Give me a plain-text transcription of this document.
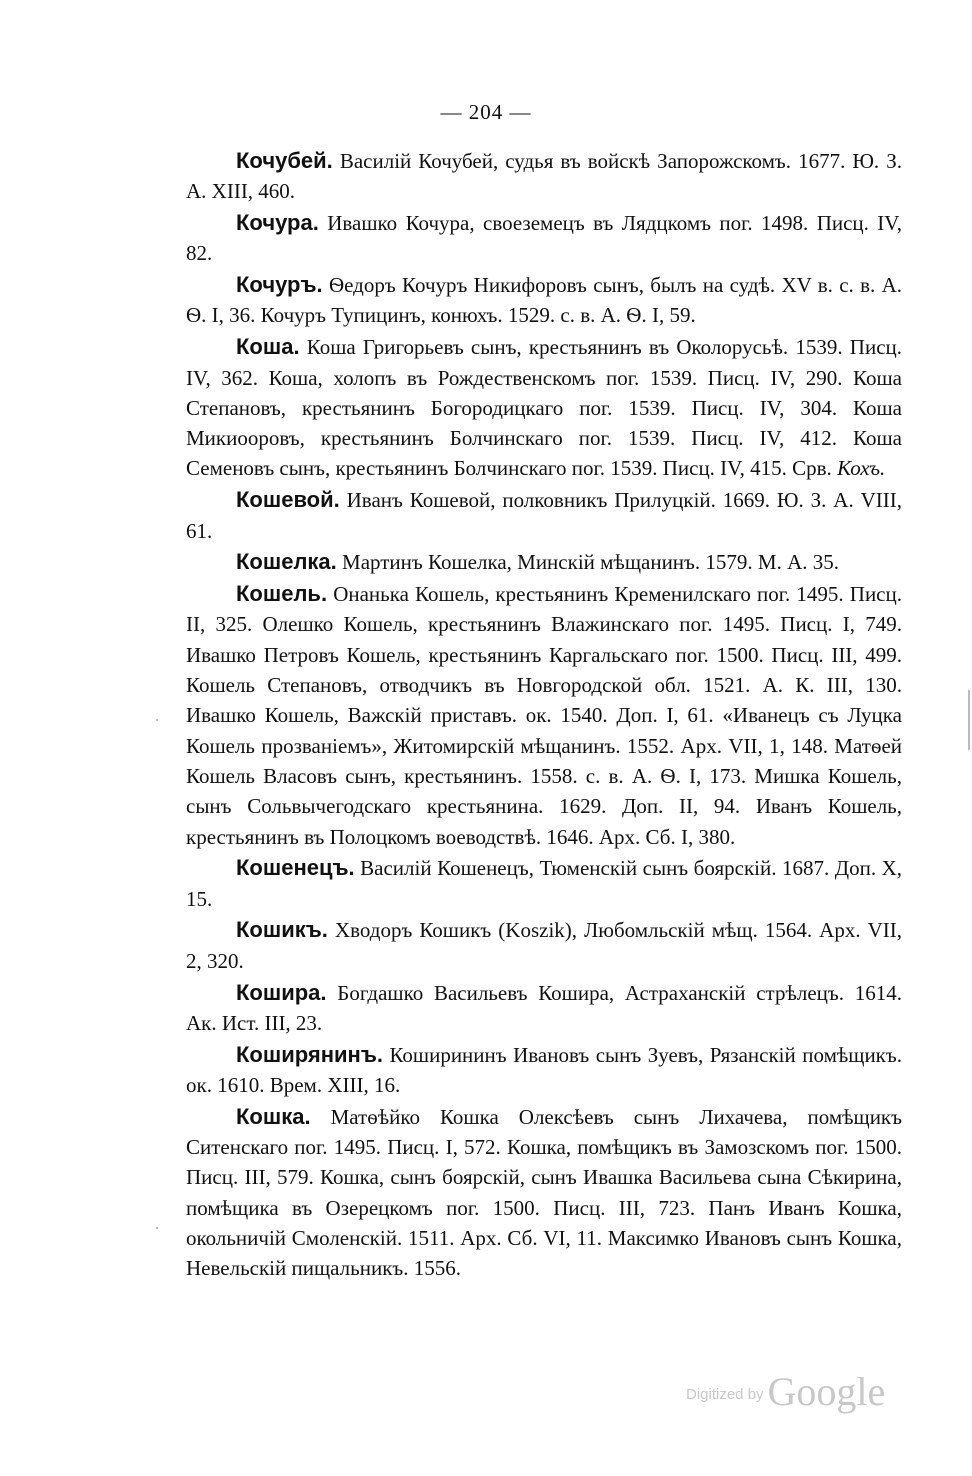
— 204 —

Кочубей. Василій Кочубей, судья въ войскѣ Запорожскомъ. 1677. Ю. З. А. XIII, 460.

Кочура. Ивашко Кочура, своеземецъ въ Лядцкомъ пог. 1498. Писц. IV, 82.

Кочуръ. Ѳедоръ Кочуръ Никифоровъ сынъ, былъ на судѣ. XV в. с. в. А. Ѳ. I, 36. Кочуръ Тупицинъ, конюхъ. 1529. с. в. А. Ѳ. I, 59.

Коша. Коша Григорьевъ сынъ, крестьянинъ въ Околорусьѣ. 1539. Писц. IV, 362. Коша, холопъ въ Рождественскомъ пог. 1539. Писц. IV, 290. Коша Степановъ, крестьянинъ Богородицкаго пог. 1539. Писц. IV, 304. Коша Микиооровъ, крестьянинъ Болчинскаго пог. 1539. Писц. IV, 412. Коша Семеновъ сынъ, крестьянинъ Болчинскаго пог. 1539. Писц. IV, 415. Срв. Кохъ.

Кошевой. Иванъ Кошевой, полковникъ Прилуцкій. 1669. Ю. З. А. VIII, 61.

Кошелка. Мартинъ Кошелка, Минскій мѣщанинъ. 1579. М. А. 35.

Кошель. Онанька Кошель, крестьянинъ Кременилскаго пог. 1495. Писц. II, 325. Олешко Кошель, крестьянинъ Влажинскаго пог. 1495. Писц. I, 749. Ивашко Петровъ Кошель, крестьянинъ Каргальскаго пог. 1500. Писц. III, 499. Кошель Степановъ, отводчикъ въ Новгородской обл. 1521. А. К. III, 130. Ивашко Кошель, Важскій приставъ. ок. 1540. Доп. I, 61. «Иванецъ съ Луцка Кошель прозваніемъ», Житомирскій мѣщанинъ. 1552. Арх. VII, 1, 148. Матѳей Кошель Власовъ сынъ, крестьянинъ. 1558. с. в. А. Ѳ. I, 173. Мишка Кошель, сынъ Сольвычегодскаго крестьянина. 1629. Доп. II, 94. Иванъ Кошель, крестьянинъ въ Полоцкомъ воеводствѣ. 1646. Арх. Сб. I, 380.

Кошенецъ. Василій Кошенецъ, Тюменскій сынъ боярскій. 1687. Доп. X, 15.

Кошикъ. Хводоръ Кошикъ (Koszik), Любомльскій мѣщ. 1564. Арх. VII, 2, 320.

Кошира. Богдашко Васильевъ Кошира, Астраханскій стрѣлецъ. 1614. Ак. Ист. III, 23.

Коширянинъ. Коширининъ Ивановъ сынъ Зуевъ, Рязанскій помѣщикъ. ок. 1610. Врем. XIII, 16.

Кошка. Матѳѣйко Кошка Олексѣевъ сынъ Лихачева, помѣщикъ Ситенскаго пог. 1495. Писц. I, 572. Кошка, помѣщикъ въ Замозскомъ пог. 1500. Писц. III, 579. Кошка, сынъ боярскій, сынъ Ивашка Васильева сына Сѣкирина, помѣщика въ Озерецкомъ пог. 1500. Писц. III, 723. Панъ Иванъ Кошка, окольничій Смоленскій. 1511. Арх. Сб. VI, 11. Максимко Ивановъ сынъ Кошка, Невельскій пищальникъ. 1556.

Digitized by Google
